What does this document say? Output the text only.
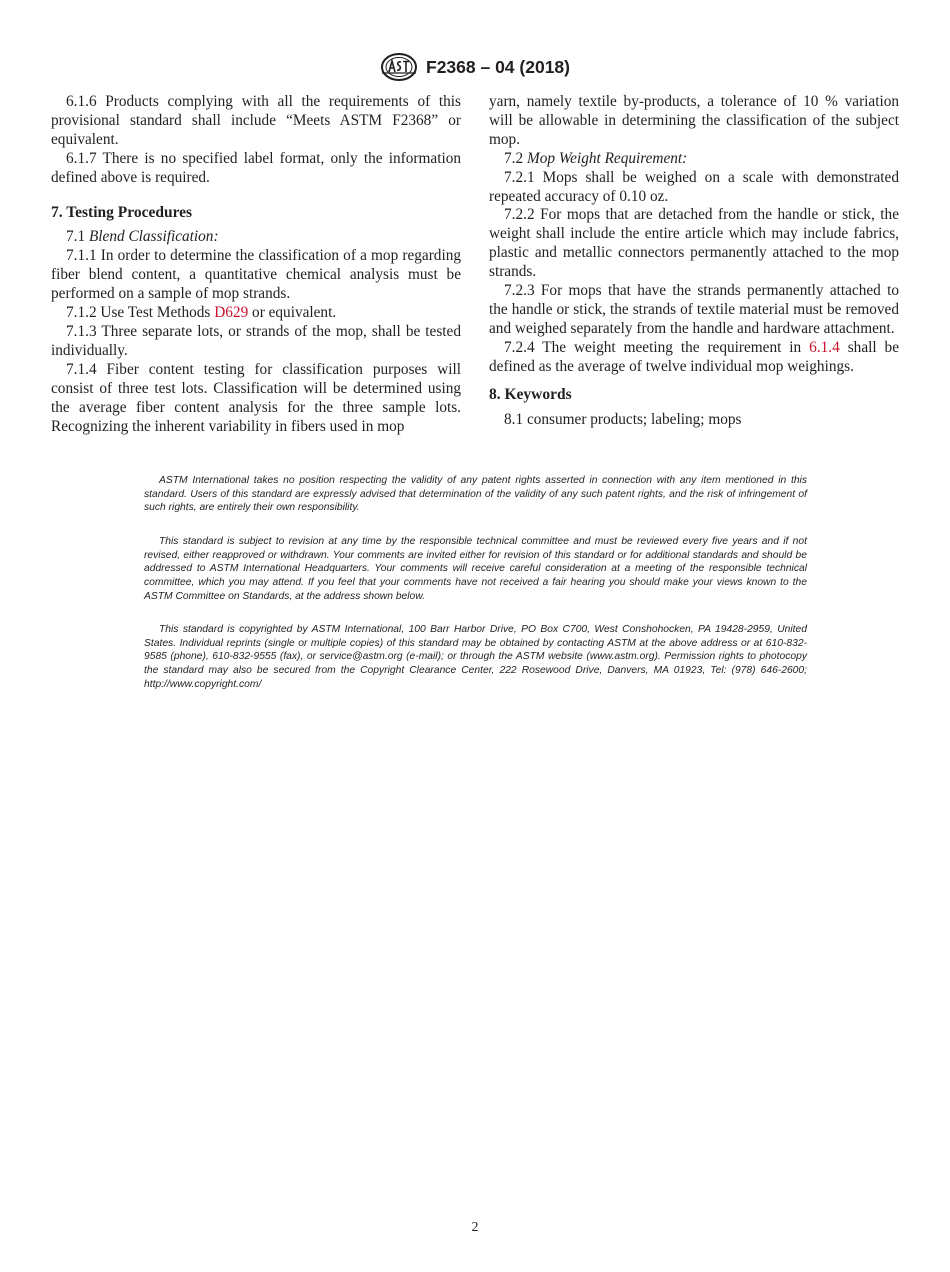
F2368 – 04 (2018)

6.1.6 Products complying with all the requirements of this provisional standard shall include “Meets ASTM F2368” or equivalent.

6.1.7 There is no specified label format, only the information defined above is required.

7. Testing Procedures

7.1 Blend Classification:

7.1.1 In order to determine the classification of a mop regarding fiber blend content, a quantitative chemical analysis must be performed on a sample of mop strands.

7.1.2 Use Test Methods D629 or equivalent.

7.1.3 Three separate lots, or strands of the mop, shall be tested individually.

7.1.4 Fiber content testing for classification purposes will consist of three test lots. Classification will be determined using the average fiber content analysis for the three sample lots. Recognizing the inherent variability in fibers used in mop

yarn, namely textile by-products, a tolerance of 10 % variation will be allowable in determining the classification of the subject mop.

7.2 Mop Weight Requirement:

7.2.1 Mops shall be weighed on a scale with demonstrated repeated accuracy of 0.10 oz.

7.2.2 For mops that are detached from the handle or stick, the weight shall include the entire article which may include fabrics, plastic and metallic connectors permanently attached to the mop strands.

7.2.3 For mops that have the strands permanently attached to the handle or stick, the strands of textile material must be removed and weighed separately from the handle and hardware attachment.

7.2.4 The weight meeting the requirement in 6.1.4 shall be defined as the average of twelve individual mop weighings.

8. Keywords

8.1 consumer products; labeling; mops

ASTM International takes no position respecting the validity of any patent rights asserted in connection with any item mentioned in this standard. Users of this standard are expressly advised that determination of the validity of any such patent rights, and the risk of infringement of such rights, are entirely their own responsibility.

This standard is subject to revision at any time by the responsible technical committee and must be reviewed every five years and if not revised, either reapproved or withdrawn. Your comments are invited either for revision of this standard or for additional standards and should be addressed to ASTM International Headquarters. Your comments will receive careful consideration at a meeting of the responsible technical committee, which you may attend. If you feel that your comments have not received a fair hearing you should make your views known to the ASTM Committee on Standards, at the address shown below.

This standard is copyrighted by ASTM International, 100 Barr Harbor Drive, PO Box C700, West Conshohocken, PA 19428-2959, United States. Individual reprints (single or multiple copies) of this standard may be obtained by contacting ASTM at the above address or at 610-832-9585 (phone), 610-832-9555 (fax), or service@astm.org (e-mail); or through the ASTM website (www.astm.org). Permission rights to photocopy the standard may also be secured from the Copyright Clearance Center, 222 Rosewood Drive, Danvers, MA 01923, Tel: (978) 646-2600; http://www.copyright.com/

2
